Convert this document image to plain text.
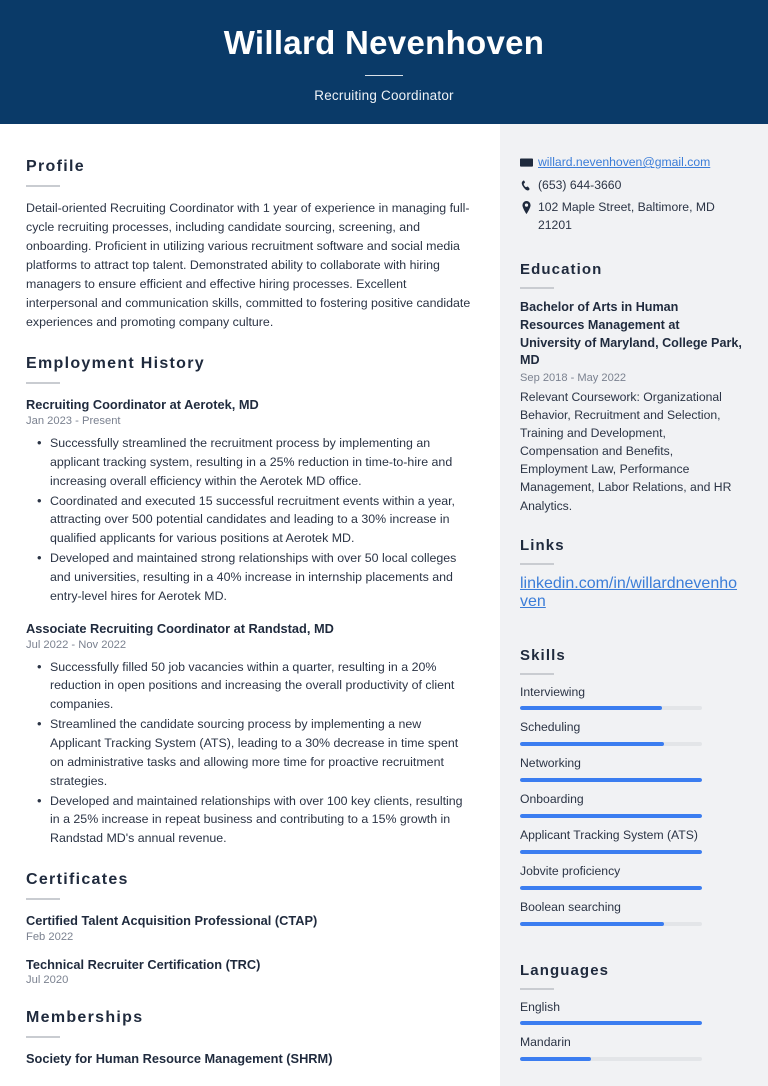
Willard Nevenhoven
Recruiting Coordinator
Profile
Detail-oriented Recruiting Coordinator with 1 year of experience in managing full-cycle recruiting processes, including candidate sourcing, screening, and onboarding. Proficient in utilizing various recruitment software and social media platforms to attract top talent. Demonstrated ability to collaborate with hiring managers to ensure efficient and effective hiring processes. Excellent interpersonal and communication skills, committed to fostering positive candidate experiences and promoting company culture.
Employment History
Recruiting Coordinator at Aerotek, MD
Jan 2023 - Present
• Successfully streamlined the recruitment process by implementing an applicant tracking system, resulting in a 25% reduction in time-to-hire and increasing overall efficiency within the Aerotek MD office.
• Coordinated and executed 15 successful recruitment events within a year, attracting over 500 potential candidates and leading to a 30% increase in qualified applicants for various positions at Aerotek MD.
• Developed and maintained strong relationships with over 50 local colleges and universities, resulting in a 40% increase in internship placements and entry-level hires for Aerotek MD.
Associate Recruiting Coordinator at Randstad, MD
Jul 2022 - Nov 2022
• Successfully filled 50 job vacancies within a quarter, resulting in a 20% reduction in open positions and increasing the overall productivity of client companies.
• Streamlined the candidate sourcing process by implementing a new Applicant Tracking System (ATS), leading to a 30% decrease in time spent on administrative tasks and allowing more time for proactive recruitment strategies.
• Developed and maintained relationships with over 100 key clients, resulting in a 25% increase in repeat business and contributing to a 15% growth in Randstad MD's annual revenue.
Certificates
Certified Talent Acquisition Professional (CTAP)
Feb 2022
Technical Recruiter Certification (TRC)
Jul 2020
Memberships
Society for Human Resource Management (SHRM)
willard.nevenhoven@gmail.com
(653) 644-3660
102 Maple Street, Baltimore, MD 21201
Education
Bachelor of Arts in Human Resources Management at University of Maryland, College Park, MD
Sep 2018 - May 2022
Relevant Coursework: Organizational Behavior, Recruitment and Selection, Training and Development, Compensation and Benefits, Employment Law, Performance Management, Labor Relations, and HR Analytics.
Links
linkedin.com/in/willardnevenhoven
Skills
Interviewing
Scheduling
Networking
Onboarding
Applicant Tracking System (ATS)
Jobvite proficiency
Boolean searching
Languages
English
Mandarin
